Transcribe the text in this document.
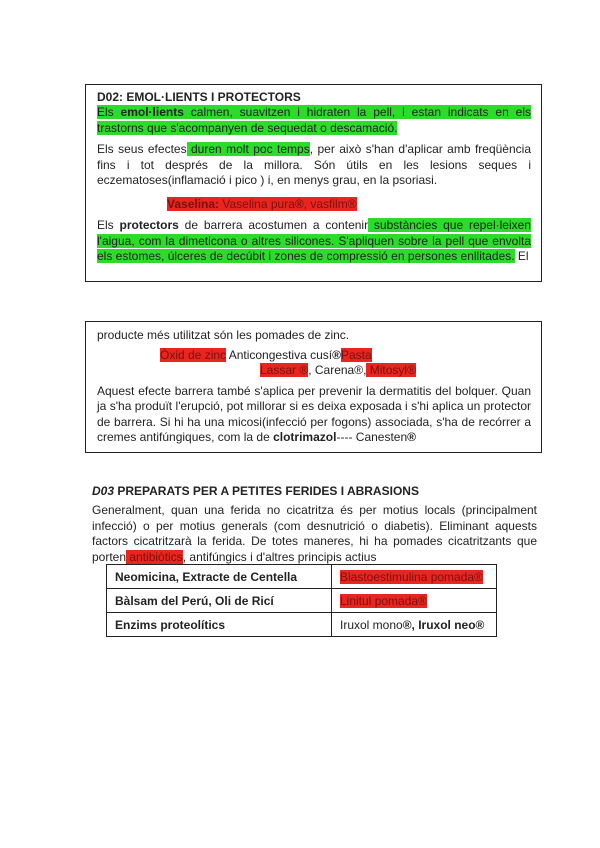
D02: EMOL·LIENTS I PROTECTORS

Els emol·lients calmen, suavitzen i hidraten la pell, i estan indicats en els trastorns que s'acompanyen de sequedat o descamació.

Els seus efectes duren molt poc temps, per això s'han d'aplicar amb freqüència fins i tot després de la millora. Són útils en les lesions seques i eczematoses(inflamació i pico ) i, en menys grau, en la psoriasi.

Vaselina: Vaselina pura®, vasfilm®

Els protectors de barrera acostumen a contenir substàncies que repel·leixen l'aigua, com la dimeticona o altres silicones. S'apliquen sobre la pell que envolta els estomes, úlceres de decúbit i zones de compressió en persones enllitades. El

producte més utilitzat són les pomades de zinc.

Òxid de zinc Anticongestiva cusí®Pasta
Lassar ®, Carena®, Mitosyl®

Aquest efecte barrera també s'aplica per prevenir la dermatitis del bolquer. Quan ja s'ha produït l'erupció, pot millorar si es deixa exposada i s'hi aplica un protector de barrera. Si hi ha una micosi(infecció per fogons) associada, s'ha de recórrer a cremes antifúngiques, com la de clotrimazol---- Canesten®

D03 PREPARATS PER A PETITES FERIDES I ABRASIONS

Generalment, quan una ferida no cicatritza és per motius locals (principalment infecció) o per motius generals (com desnutrició o diabetis). Eliminant aquests factors cicatritzarà la ferida. De totes maneres, hi ha pomades cicatritzants que porten antibiòtics, antifúngics i d'altres principis actius

Neomicina, Extracte de Centella	Blastoestimulina pomada®
Bàlsam del Perú, Oli de Ricí	Linitul pomada®
Enzims proteolítics	Iruxol mono®, Iruxol neo®
